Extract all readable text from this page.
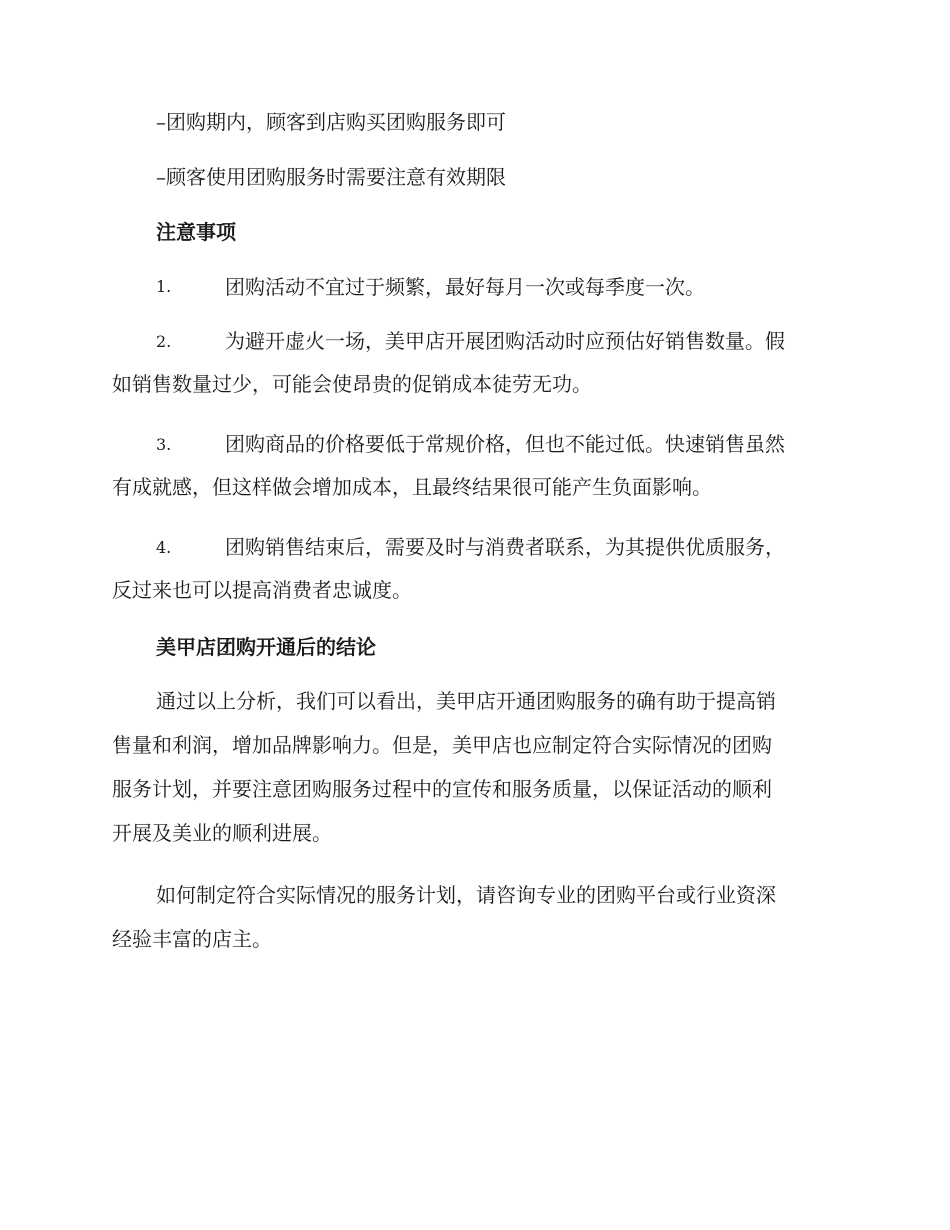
–团购期内，顾客到店购买团购服务即可

–顾客使用团购服务时需要注意有效期限

注意事项

1.	团购活动不宜过于频繁，最好每月一次或每季度一次。
2.	为避开虚火一场，美甲店开展团购活动时应预估好销售数量。假
如销售数量过少，可能会使昂贵的促销成本徒劳无功。
3.	团购商品的价格要低于常规价格，但也不能过低。快速销售虽然
有成就感，但这样做会增加成本，且最终结果很可能产生负面影响。
4.	团购销售结束后，需要及时与消费者联系，为其提供优质服务，
反过来也可以提高消费者忠诚度。

美甲店团购开通后的结论

通过以上分析，我们可以看出，美甲店开通团购服务的确有助于提高销
售量和利润，增加品牌影响力。但是，美甲店也应制定符合实际情况的团购
服务计划，并要注意团购服务过程中的宣传和服务质量，以保证活动的顺利
开展及美业的顺利进展。
如何制定符合实际情况的服务计划，请咨询专业的团购平台或行业资深
经验丰富的店主。
